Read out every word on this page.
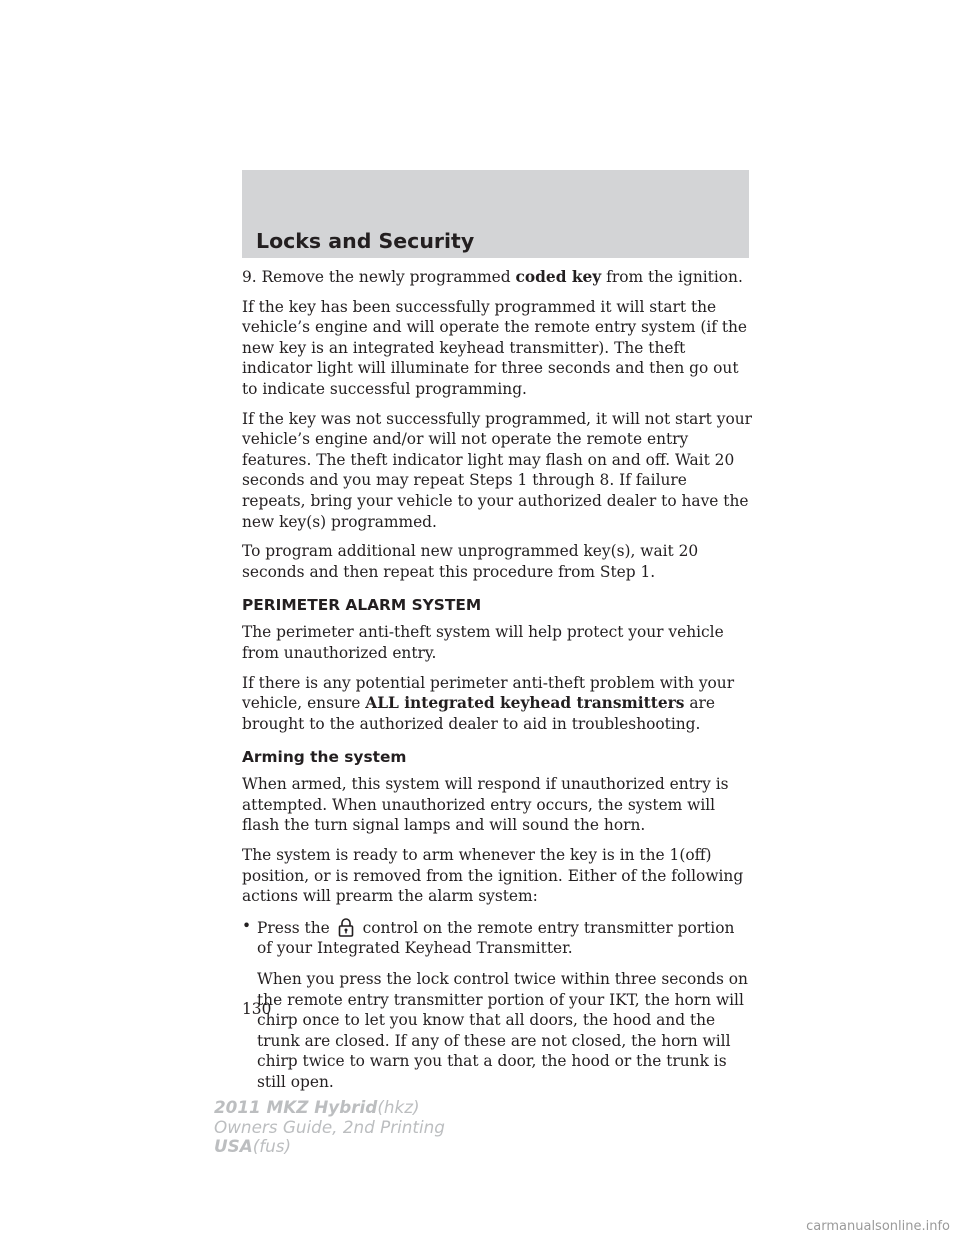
Locks and Security

9. Remove the newly programmed coded key from the ignition.

If the key has been successfully programmed it will start the vehicle’s engine and will operate the remote entry system (if the new key is an integrated keyhead transmitter). The theft indicator light will illuminate for three seconds and then go out to indicate successful programming.

If the key was not successfully programmed, it will not start your vehicle’s engine and/or will not operate the remote entry features. The theft indicator light may flash on and off. Wait 20 seconds and you may repeat Steps 1 through 8. If failure repeats, bring your vehicle to your authorized dealer to have the new key(s) programmed.

To program additional new unprogrammed key(s), wait 20 seconds and then repeat this procedure from Step 1.

PERIMETER ALARM SYSTEM

The perimeter anti-theft system will help protect your vehicle from unauthorized entry.

If there is any potential perimeter anti-theft problem with your vehicle, ensure ALL integrated keyhead transmitters are brought to the authorized dealer to aid in troubleshooting.

Arming the system

When armed, this system will respond if unauthorized entry is attempted. When unauthorized entry occurs, the system will flash the turn signal lamps and will sound the horn.

The system is ready to arm whenever the key is in the 1(off) position, or is removed from the ignition. Either of the following actions will prearm the alarm system:

• Press the
control on the remote entry transmitter portion of your Integrated Keyhead Transmitter.

When you press the lock control twice within three seconds on the remote entry transmitter portion of your IKT, the horn will chirp once to let you know that all doors, the hood and the trunk are closed. If any of these are not closed, the horn will chirp twice to warn you that a door, the hood or the trunk is still open.

130
2011 MKZ Hybrid(hkz)
Owners Guide, 2nd Printing
USA(fus)
carmanualsonline.info
